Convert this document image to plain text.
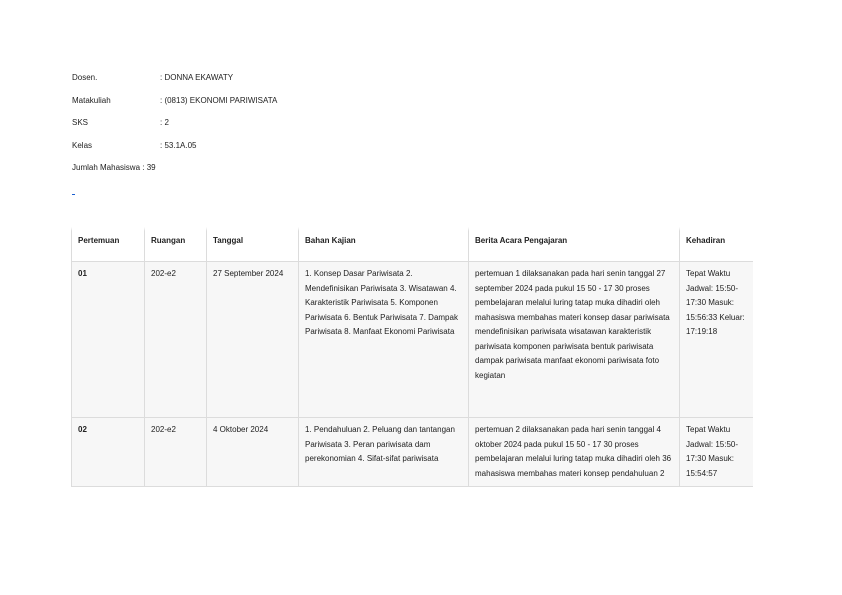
Dosen.	: DONNA EKAWATY
Matakuliah	: (0813) EKONOMI PARIWISATA
SKS	: 2
Kelas	: 53.1A.05
Jumlah Mahasiswa : 39
Pertemuan	Ruangan	Tanggal	Bahan Kajian	Berita Acara Pengajaran	Kehadiran
01	202-e2	27 September 2024	1. Konsep Dasar Pariwisata 2. Mendefinisikan Pariwisata 3. Wisatawan 4. Karakteristik Pariwisata 5. Komponen Pariwisata 6. Bentuk Pariwisata 7. Dampak Pariwisata 8. Manfaat Ekonomi Pariwisata	pertemuan 1 dilaksanakan pada hari senin tanggal 27 september 2024 pada pukul 15 50 - 17 30 proses pembelajaran melalui luring tatap muka dihadiri oleh mahasiswa membahas materi konsep dasar pariwisata mendefinisikan pariwisata wisatawan karakteristik pariwisata komponen pariwisata bentuk pariwisata dampak pariwisata manfaat ekonomi pariwisata foto kegiatan	Tepat Waktu Jadwal: 15:50-17:30 Masuk: 15:56:33 Keluar: 17:19:18
02	202-e2	4 Oktober 2024	1. Pendahuluan 2. Peluang dan tantangan Pariwisata 3. Peran pariwisata dam perekonomian 4. Sifat-sifat pariwisata	pertemuan 2 dilaksanakan pada hari senin tanggal 4 oktober 2024 pada pukul 15 50 - 17 30 proses pembelajaran melalui luring tatap muka dihadiri oleh 36 mahasiswa membahas materi konsep pendahuluan 2	Tepat Waktu Jadwal: 15:50-17:30 Masuk: 15:54:57
